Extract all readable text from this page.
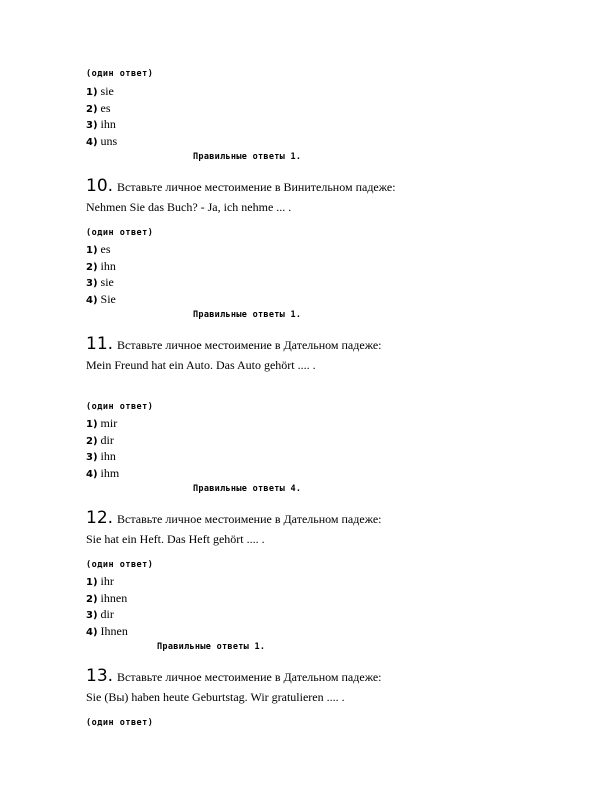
(один ответ)
1) sie
2) es
3) ihn
4) uns
Правильные ответы 1.
10. Вставьте личное местоимение в Винительном падеже:
Nehmen Sie das Buch? - Ja, ich nehme ... .
(один ответ)
1) es
2) ihn
3) sie
4) Sie
Правильные ответы 1.
11. Вставьте личное местоимение в Дательном падеже:
Mein Freund hat ein Auto. Das Auto gehört .... .
(один ответ)
1) mir
2) dir
3) ihn
4) ihm
Правильные ответы 4.
12. Вставьте личное местоимение в Дательном падеже:
Sie hat ein Heft. Das Heft gehört .... .
(один ответ)
1) ihr
2) ihnen
3) dir
4) Ihnen
Правильные ответы 1.
13. Вставьте личное местоимение в Дательном падеже:
Sie (Вы) haben heute Geburtstag. Wir gratulieren .... .
(один ответ)
